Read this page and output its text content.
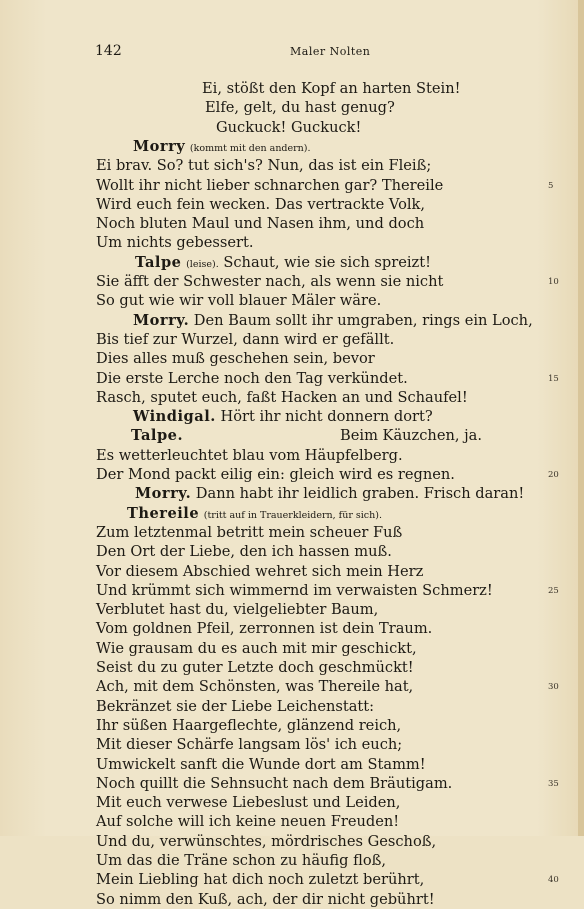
142	Maler Nolten
Ei, stößt den Kopf an harten Stein!
Elfe, gelt, du hast genug?
Guckuck! Guckuck!
Morry (kommt mit den andern).
Ei brav. So? tut sich's? Nun, das ist ein Fleiß;
Wollt ihr nicht lieber schnarchen gar? Thereile
Wird euch fein wecken. Das vertrackte Volk,
Noch bluten Maul und Nasen ihm, und doch
Um nichts gebessert.
Talpe (leise). Schaut, wie sie sich spreizt!
Sie äfft der Schwester nach, als wenn sie nicht
So gut wie wir voll blauer Mäler wäre.
Morry. Den Baum sollt ihr umgraben, rings ein Loch,
Bis tief zur Wurzel, dann wird er gefällt.
Dies alles muß geschehen sein, bevor
Die erste Lerche noch den Tag verkündet.
Rasch, sputet euch, faßt Hacken an und Schaufel!
Windigal. Hört ihr nicht donnern dort?
Talpe.	Beim Käuzchen, ja.
Es wetterleuchtet blau vom Häupfelberg.
Der Mond packt eilig ein: gleich wird es regnen.
Morry. Dann habt ihr leidlich graben. Frisch daran!
Thereile (tritt auf in Trauerkleidern, für sich).
Zum letztenmal betritt mein scheuer Fuß
Den Ort der Liebe, den ich hassen muß.
Vor diesem Abschied wehret sich mein Herz
Und krümmt sich wimmernd im verwaisten Schmerz!
Verblutet hast du, vielgeliebter Baum,
Vom goldnen Pfeil, zerronnen ist dein Traum.
Wie grausam du es auch mit mir geschickt,
Seist du zu guter Letzte doch geschmückt!
Ach, mit dem Schönsten, was Thereile hat,
Bekränzet sie der Liebe Leichenstatt:
Ihr süßen Haargeflechte, glänzend reich,
Mit dieser Schärfe langsam lös' ich euch;
Umwickelt sanft die Wunde dort am Stamm!
Noch quillt die Sehnsucht nach dem Bräutigam.
Mit euch verwese Liebeslust und Leiden,
Auf solche will ich keine neuen Freuden!
Und du, verwünschtes, mördrisches Geschoß,
Um das die Träne schon zu häufig floß,
Mein Liebling hat dich noch zuletzt berührt,
So nimm den Kuß, ach, der dir nicht gebührt!
5
10
15
20
25
30
35
40
